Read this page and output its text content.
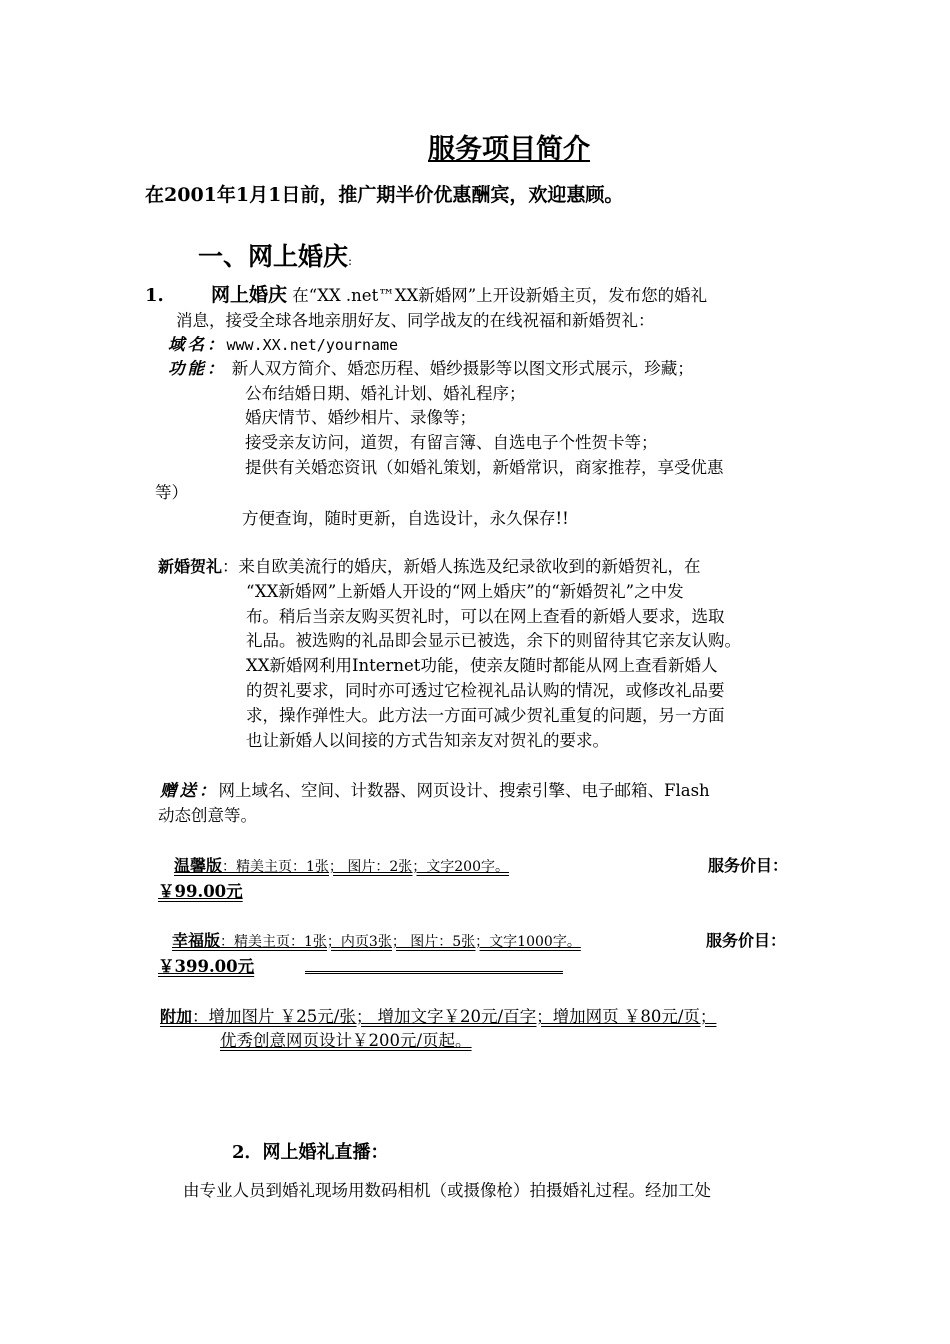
服务项目简介
在2001年1月1日前，推广期半价优惠酬宾，欢迎惠顾。
一、网上婚庆:
1. 网上婚庆 在“XX .net™XX新婚网”上开设新婚主页，发布您的婚礼
消息，接受全球各地亲朋好友、同学战友的在线祝福和新婚贺礼：
域名：www.XX.net/yourname
功能： 新人双方简介、婚恋历程、婚纱摄影等以图文形式展示，珍藏；
公布结婚日期、婚礼计划、婚礼程序；
婚庆情节、婚纱相片、录像等；
接受亲友访问，道贺，有留言簿、自选电子个性贺卡等；
提供有关婚恋资讯（如婚礼策划，新婚常识，商家推荐，享受优惠
等）
方便查询，随时更新，自选设计，永久保存!!
新婚贺礼：来自欧美流行的婚庆，新婚人拣选及纪录欲收到的新婚贺礼，在
“XX新婚网”上新婚人开设的“网上婚庆”的“新婚贺礼”之中发
布。稍后当亲友购买贺礼时，可以在网上查看的新婚人要求，选取
礼品。被选购的礼品即会显示已被选，余下的则留待其它亲友认购。
XX新婚网利用Internet功能，使亲友随时都能从网上查看新婚人
的贺礼要求，同时亦可透过它检视礼品认购的情况，或修改礼品要
求，操作弹性大。此方法一方面可减少贺礼重复的问题，另一方面
也让新婚人以间接的方式告知亲友对贺礼的要求。
赠送：网上域名、空间、计数器、网页设计、搜索引擎、电子邮箱、Flash
动态创意等。
温馨版：精美主页：1张； 图片：2张；文字200字。	服务价目：
￥99.00元
幸福版：精美主页：1张；内页3张； 图片：5张；文字1000字。	服务价目：
￥399.00元
附加：增加图片 ￥25元/张； 增加文字￥20元/百字；增加网页 ￥80元/页；
优秀创意网页设计￥200元/页起。
2．网上婚礼直播：
由专业人员到婚礼现场用数码相机（或摄像枪）拍摄婚礼过程。经加工处
